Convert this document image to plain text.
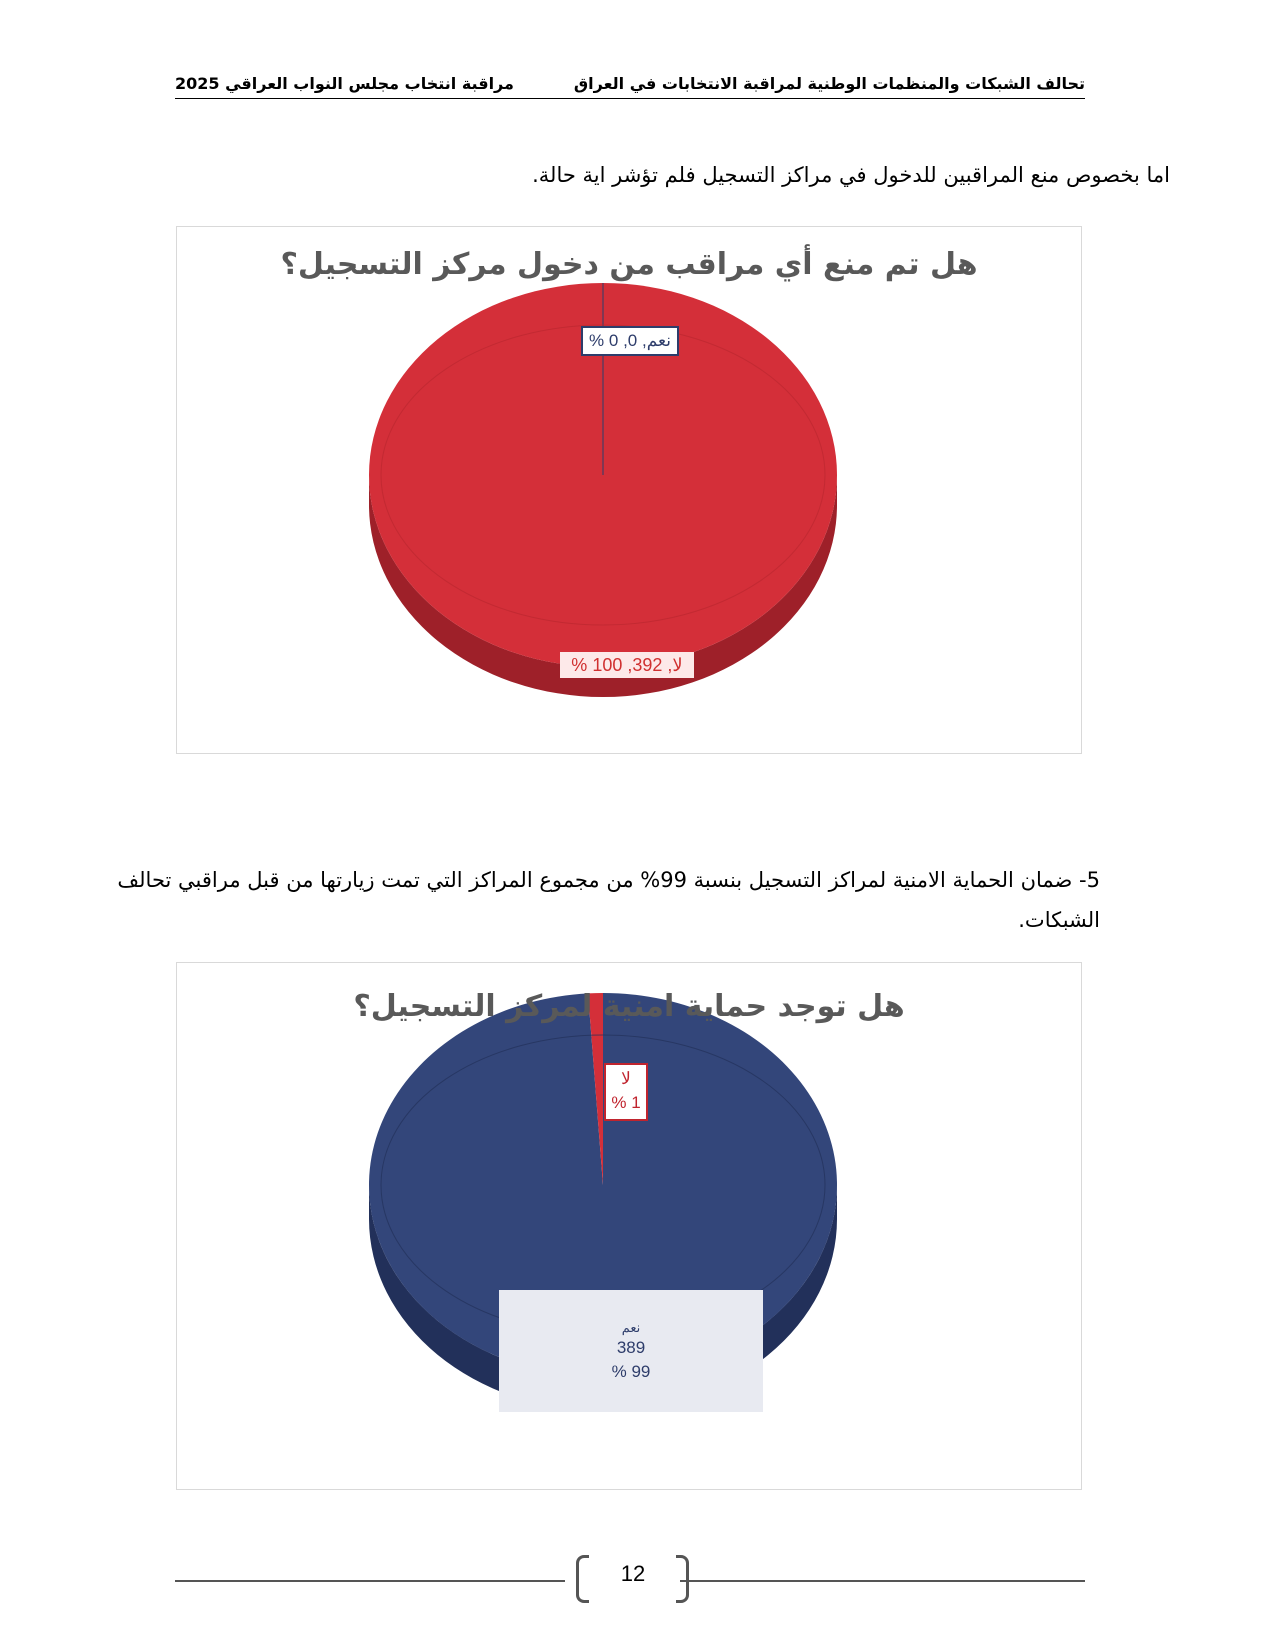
تحالف الشبكات والمنظمات الوطنية لمراقبة الانتخابات في العراق
مراقبة انتخاب مجلس النواب العراقي 2025
اما بخصوص منع المراقبين للدخول في مراكز التسجيل فلم تؤشر اية حالة.
هل تم منع أي مراقب من دخول مركز التسجيل؟
نعم, 0, 0 %
لا, 392, 100 %
5- ضمان الحماية الامنية لمراكز التسجيل بنسبة 99% من مجموع المراكز التي تمت زيارتها من قبل مراقبي تحالف الشبكات.
هل توجد حماية امنية لمركز التسجيل؟
لا
1 %
نعم
389
99 %
12
